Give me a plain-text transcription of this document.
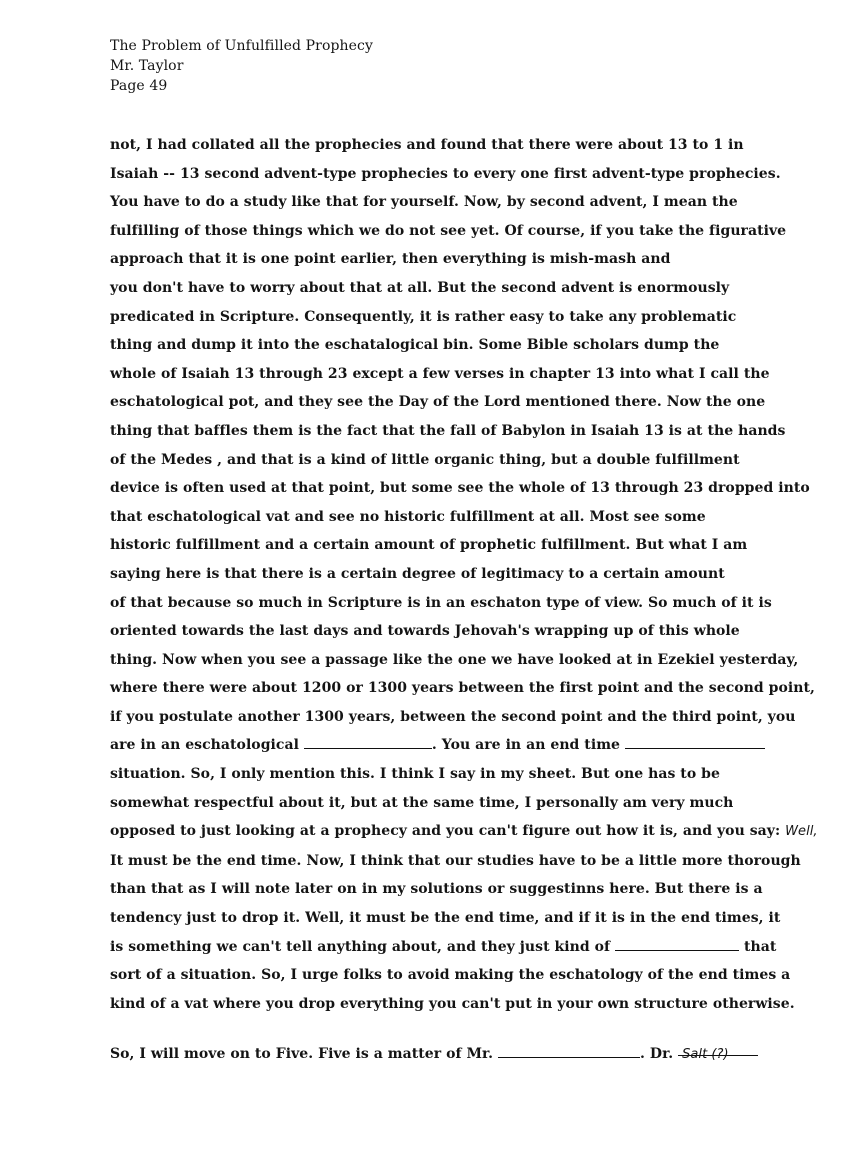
The Problem of Unfulfilled Prophecy
Mr. Taylor
Page 49
not, I had collated all the prophecies and found that there were about 13 to 1 in
Isaiah -- 13 second advent-type prophecies to every one first advent-type prophecies.
You have to do a study like that for yourself. Now, by second advent, I mean the
fulfilling of those things which we do not see yet. Of course, if you take the figurative
approach that it is one point earlier, then everything is mish-mash and
you don't have to worry about that at all. But the second advent is enormously
predicated in Scripture. Consequently, it is rather easy to take any problematic
thing and dump it into the eschatalogical bin. Some Bible scholars dump the
whole of Isaiah 13 through 23 except a few verses in chapter 13 into what I call the
eschatological pot, and they see the Day of the Lord mentioned there. Now the one
thing that baffles them is the fact that the fall of Babylon in Isaiah 13 is at the hands
of the Medes , and that is a kind of little organic thing, but a double fulfillment
device is often used at that point, but some see the whole of 13 through 23 dropped into
that eschatological vat and see no historic fulfillment at all. Most see some
historic fulfillment and a certain amount of prophetic fulfillment. But what I am
saying here is that there is a certain degree of legitimacy to a certain amount
of that because so much in Scripture is in an eschaton type of view. So much of it is
oriented towards the last days and towards Jehovah's wrapping up of this whole
thing. Now when you see a passage like the one we have looked at in Ezekiel yesterday,
where there were about 1200 or 1300 years between the first point and the second point,
if you postulate another 1300 years, between the second point and the third point, you
are in an eschatological	. You are in an end time
situation. So, I only mention this. I think I say in my sheet. But one has to be
somewhat respectful about it, but at the same time, I personally am very much
opposed to just looking at a prophecy and you can't figure out how it is, and you say: Well,
It must be the end time. Now, I think that our studies have to be a little more thorough
than that as I will note later on in my solutions or suggestinns here. But there is a
tendency just to drop it. Well, it must be the end time, and if it is in the end times, it
is something we can't tell anything about, and they just kind of	that
sort of a situation. So, I urge folks to avoid making the eschatology of the end times a
kind of a vat where you drop everything you can't put in your own structure otherwise.
So, I will move on to Five. Five is a matter of Mr.	. Dr. Salt (?)
